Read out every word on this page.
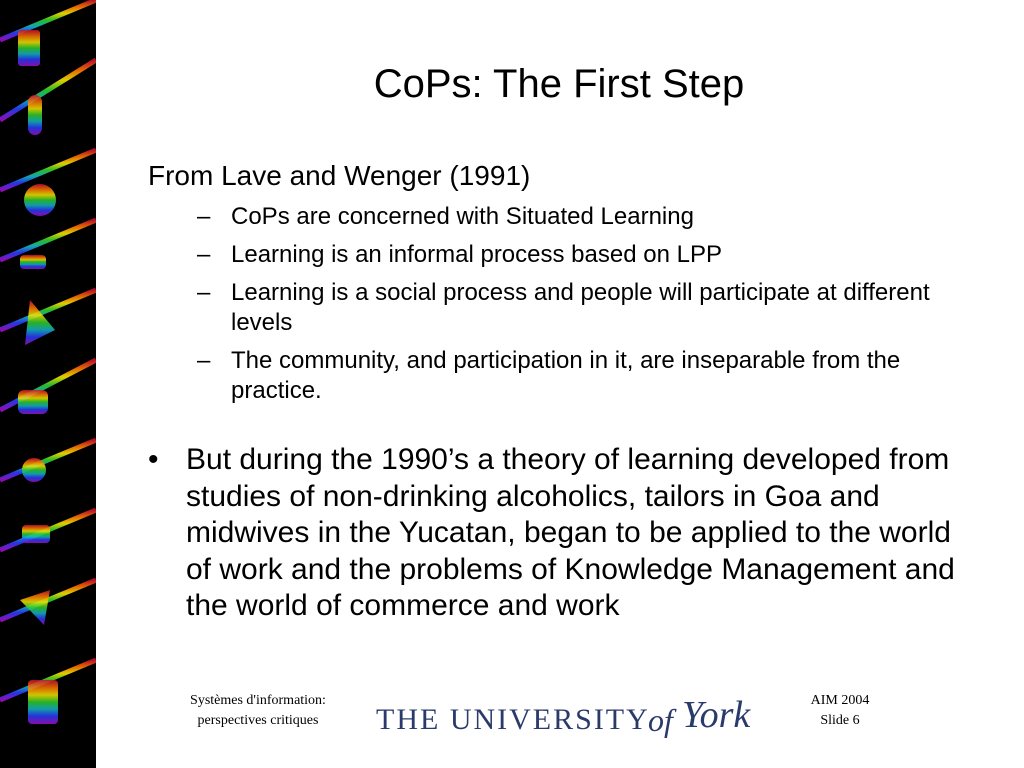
CoPs: The First Step
From Lave and Wenger (1991)
– CoPs are concerned with Situated Learning
– Learning is an informal process based on LPP
– Learning is a social process and people will participate at different levels
– The community, and participation in it, are inseparable from the practice.
• But during the 1990’s a theory of learning developed from studies of non-drinking alcoholics, tailors in Goa and midwives in the Yucatan, began to be applied to the world of work and the problems of Knowledge Management and the world of commerce and work
Systèmes d'information:
perspectives critiques	THE UNIVERSITY
of York	AIM 2004
Slide 6
